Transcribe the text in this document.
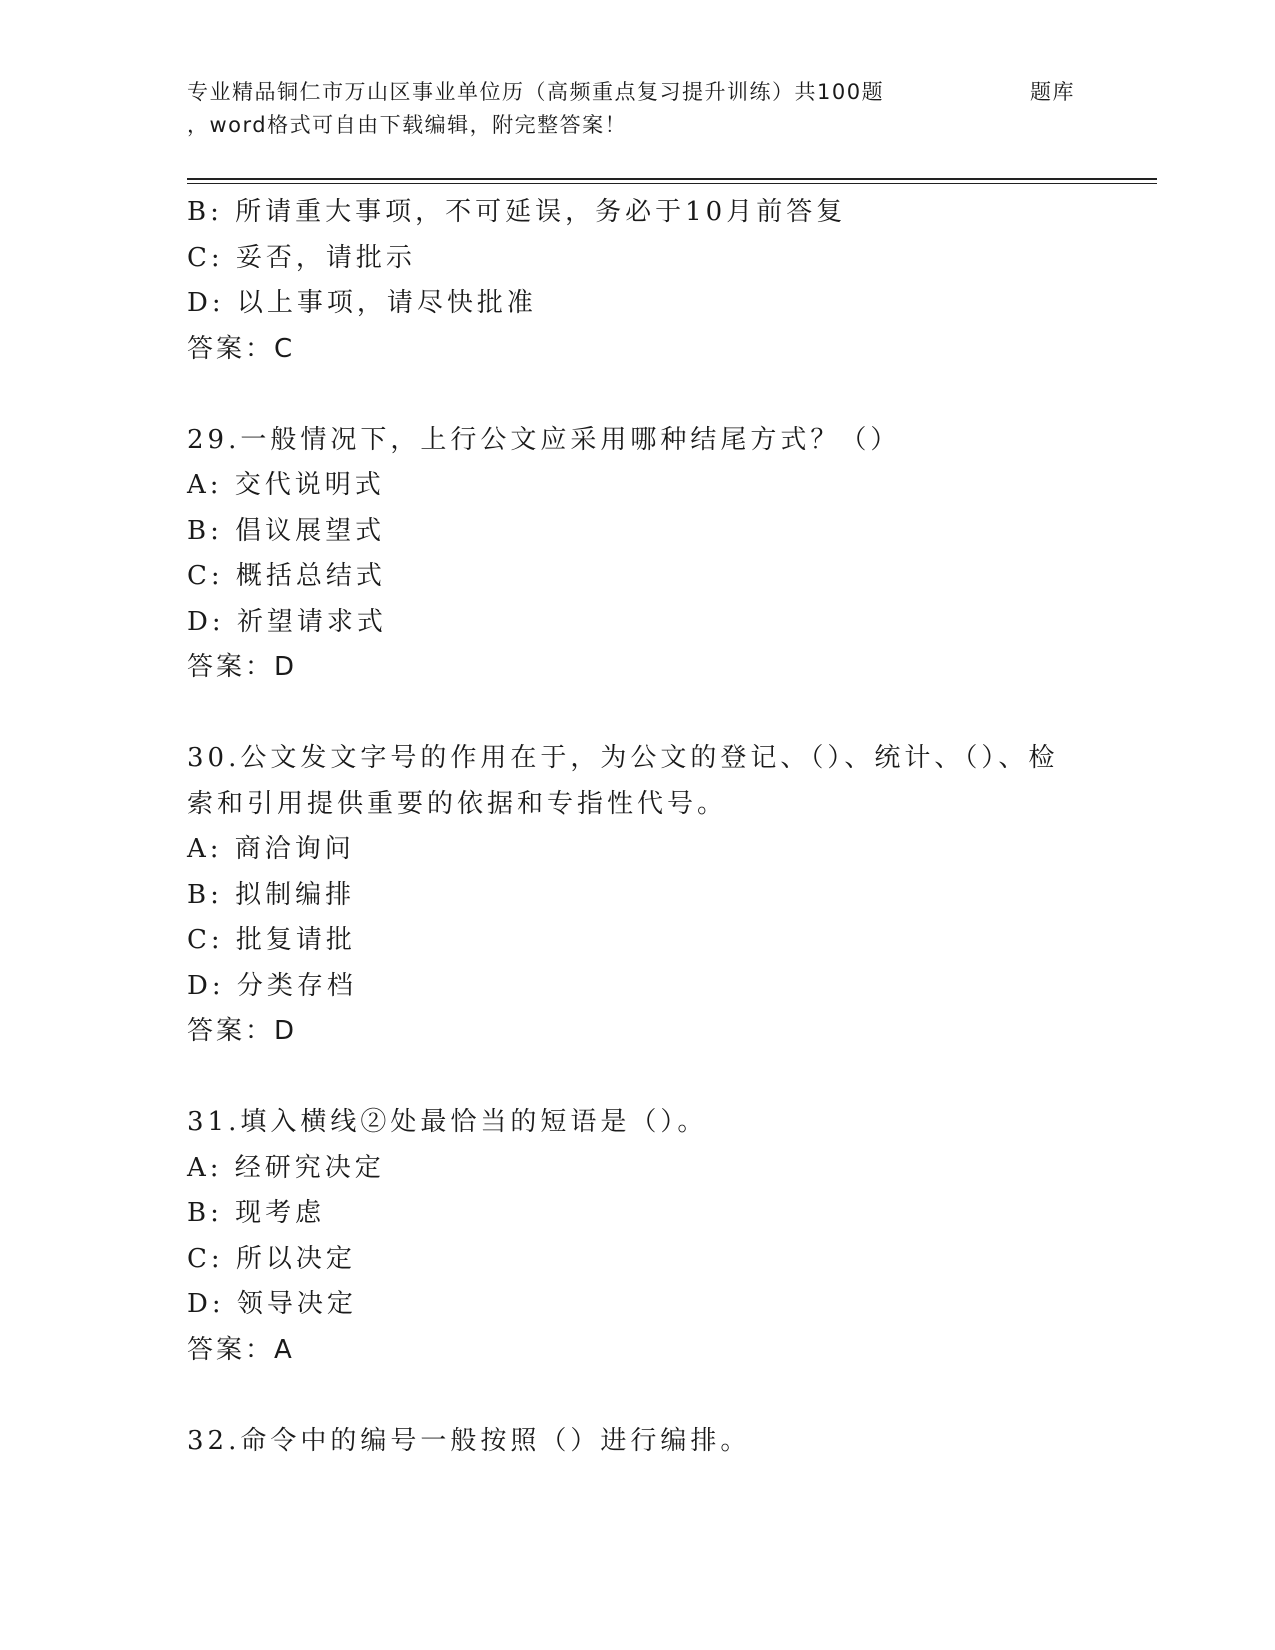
专业精品铜仁市万山区事业单位历（高频重点复习提升训练）共100题	题库
，word格式可自由下载编辑，附完整答案！
B: 所请重大事项，不可延误，务必于10月前答复
C: 妥否，请批示
D: 以上事项，请尽快批准
答案：C
29.一般情况下，上行公文应采用哪种结尾方式？（）
A: 交代说明式
B: 倡议展望式
C: 概括总结式
D: 祈望请求式
答案：D
30.公文发文字号的作用在于，为公文的登记、（）、统计、（）、检
索和引用提供重要的依据和专指性代号。
A: 商洽询问
B: 拟制编排
C: 批复请批
D: 分类存档
答案：D
31.填入横线②处最恰当的短语是（）。
A: 经研究决定
B: 现考虑
C: 所以决定
D: 领导决定
答案：A
32.命令中的编号一般按照（）进行编排。
